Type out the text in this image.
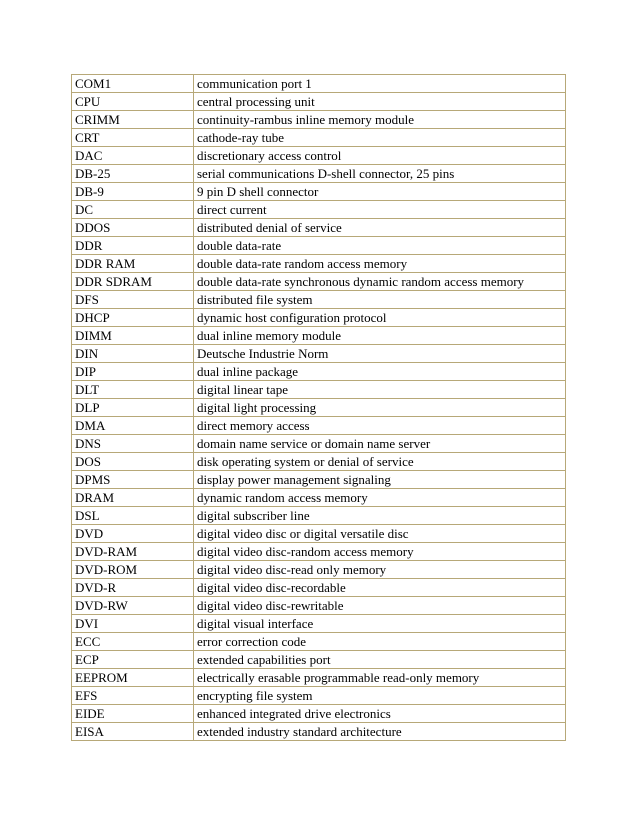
COM1	communication port 1
CPU	central processing unit
CRIMM	continuity-rambus inline memory module
CRT	cathode-ray tube
DAC	discretionary access control
DB-25	serial communications D-shell connector, 25 pins
DB-9	9 pin D shell connector
DC	direct current
DDOS	distributed denial of service
DDR	double data-rate
DDR RAM	double data-rate random access memory
DDR SDRAM	double data-rate synchronous dynamic random access memory
DFS	distributed file system
DHCP	dynamic host configuration protocol
DIMM	dual inline memory module
DIN	Deutsche Industrie Norm
DIP	dual inline package
DLT	digital linear tape
DLP	digital light processing
DMA	direct memory access
DNS	domain name service or domain name server
DOS	disk operating system or denial of service
DPMS	display power management signaling
DRAM	dynamic random access memory
DSL	digital subscriber line
DVD	digital video disc or digital versatile disc
DVD-RAM	digital video disc-random access memory
DVD-ROM	digital video disc-read only memory
DVD-R	digital video disc-recordable
DVD-RW	digital video disc-rewritable
DVI	digital visual interface
ECC	error correction code
ECP	extended capabilities port
EEPROM	electrically erasable programmable read-only memory
EFS	encrypting file system
EIDE	enhanced integrated drive electronics
EISA	extended industry standard architecture
